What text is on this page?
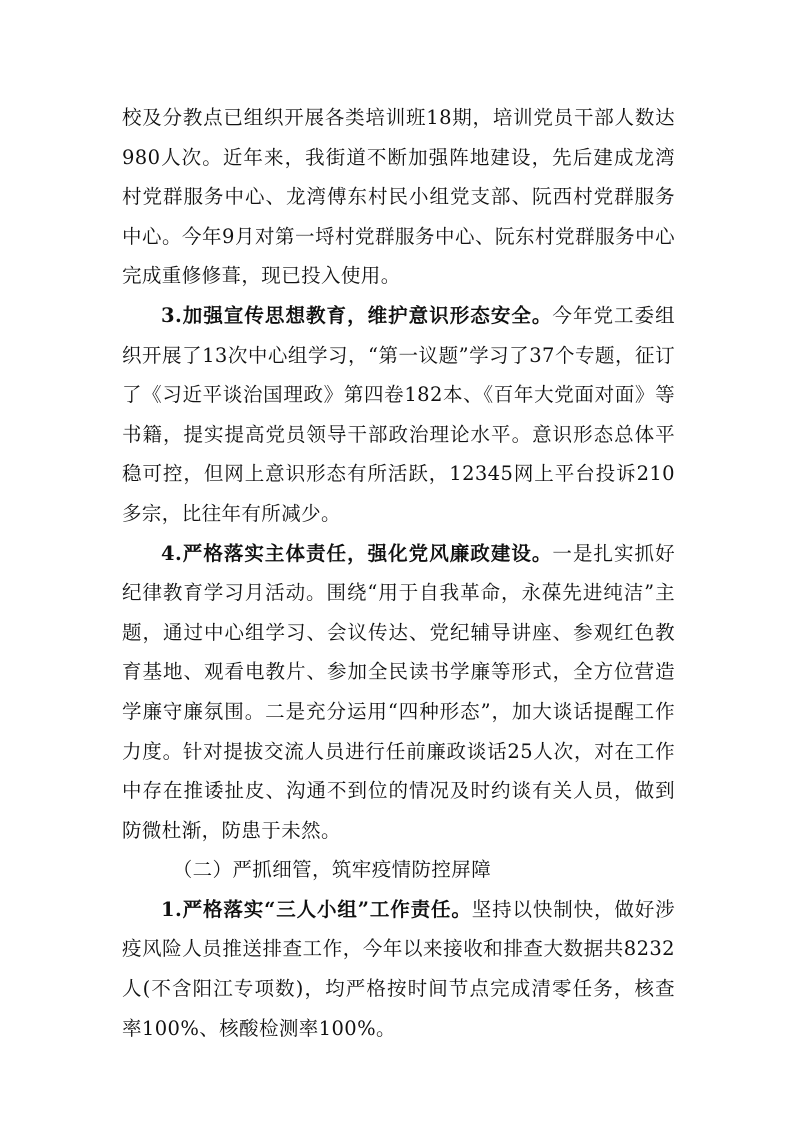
校及分教点已组织开展各类培训班18期，培训党员干部人数达980人次。近年来，我街道不断加强阵地建设，先后建成龙湾村党群服务中心、龙湾傅东村民小组党支部、阮西村党群服务中心。今年9月对第一埒村党群服务中心、阮东村党群服务中心完成重修修葺，现已投入使用。

3.加强宣传思想教育，维护意识形态安全。今年党工委组织开展了13次中心组学习，“第一议题”学习了37个专题，征订了《习近平谈治国理政》第四卷182本、《百年大党面对面》等书籍，提实提高党员领导干部政治理论水平。意识形态总体平稳可控，但网上意识形态有所活跃，12345网上平台投诉210多宗，比往年有所减少。

4.严格落实主体责任，强化党风廉政建设。一是扎实抓好纪律教育学习月活动。围绕“用于自我革命，永葆先进纯洁”主题，通过中心组学习、会议传达、党纪辅导讲座、参观红色教育基地、观看电教片、参加全民读书学廉等形式，全方位营造学廉守廉氛围。二是充分运用“四种形态”，加大谈话提醒工作力度。针对提拔交流人员进行任前廉政谈话25人次，对在工作中存在推诿扯皮、沟通不到位的情况及时约谈有关人员，做到防微杜渐，防患于未然。

（二）严抓细管，筑牢疫情防控屏障

1.严格落实“三人小组”工作责任。坚持以快制快，做好涉疫风险人员推送排查工作，今年以来接收和排查大数据共8232人(不含阳江专项数)，均严格按时间节点完成清零任务，核查率100%、核酸检测率100%。
